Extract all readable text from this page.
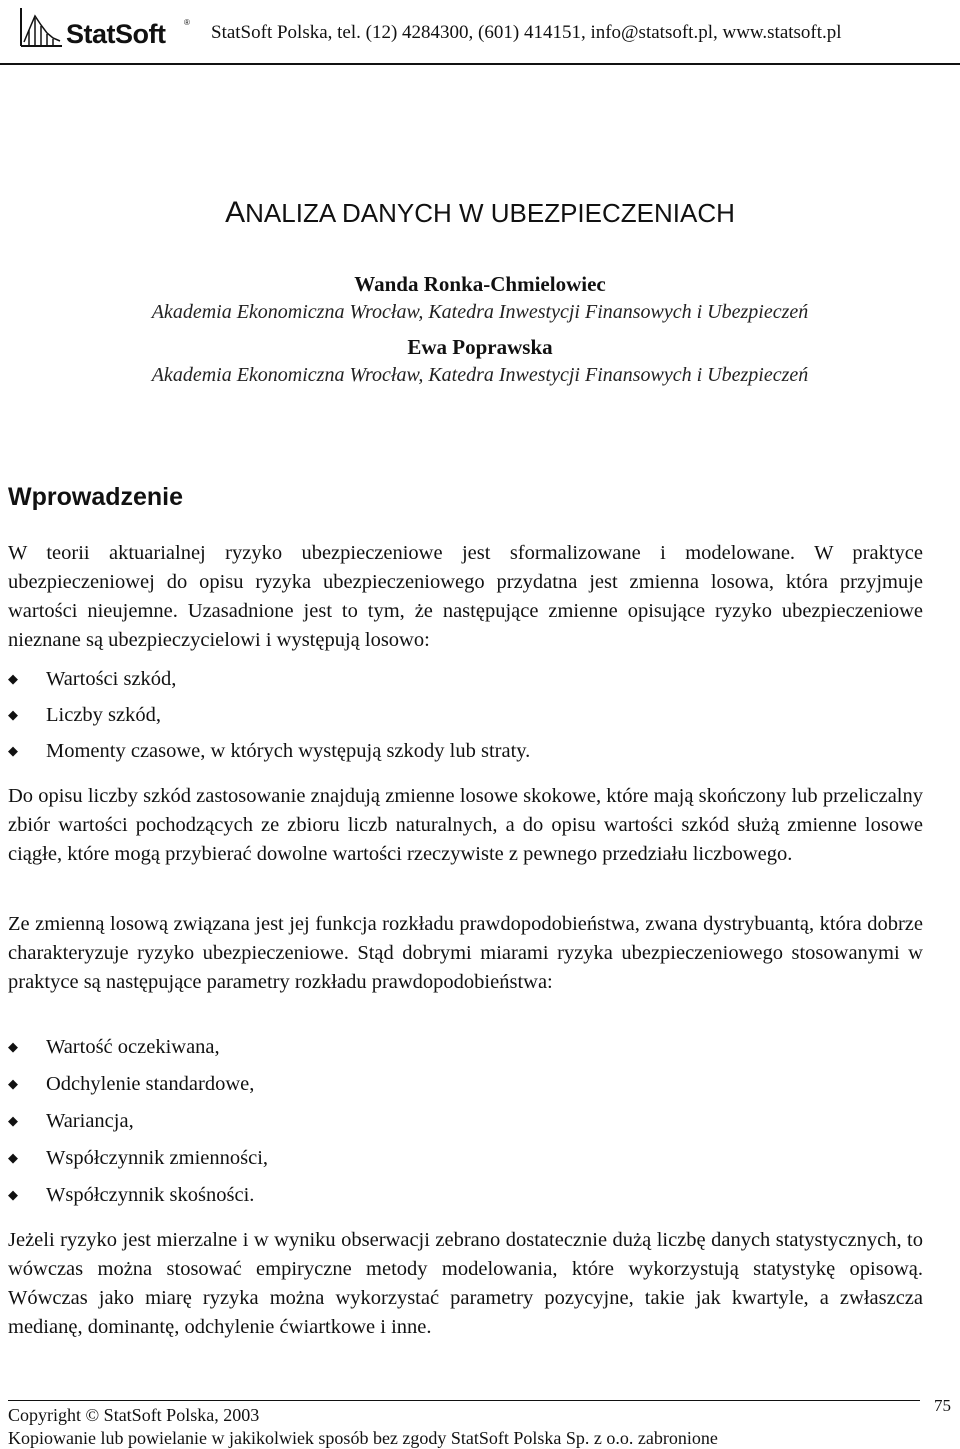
StatSoft ® StatSoft Polska, tel. (12) 4284300, (601) 414151, info@statsoft.pl, www.statsoft.pl
ANALIZA DANYCH W UBEZPIECZENIACH
Wanda Ronka-Chmielowiec
Akademia Ekonomiczna Wrocław, Katedra Inwestycji Finansowych i Ubezpieczeń
Ewa Poprawska
Akademia Ekonomiczna Wrocław, Katedra Inwestycji Finansowych i Ubezpieczeń
Wprowadzenie

W teorii aktuarialnej ryzyko ubezpieczeniowe jest sformalizowane i modelowane. W praktyce ubezpieczeniowej do opisu ryzyka ubezpieczeniowego przydatna jest zmienna losowa, która przyjmuje wartości nieujemne. Uzasadnione jest to tym, że następujące zmienne opisujące ryzyko ubezpieczeniowe nieznane są ubezpieczycielowi i występują losowo:

◆ Wartości szkód,
◆ Liczby szkód,
◆ Momenty czasowe, w których występują szkody lub straty.

Do opisu liczby szkód zastosowanie znajdują zmienne losowe skokowe, które mają skończony lub przeliczalny zbiór wartości pochodzących ze zbioru liczb naturalnych, a do opisu wartości szkód służą zmienne losowe ciągłe, które mogą przybierać dowolne wartości rzeczywiste z pewnego przedziału liczbowego.

Ze zmienną losową związana jest jej funkcja rozkładu prawdopodobieństwa, zwana dystrybuantą, która dobrze charakteryzuje ryzyko ubezpieczeniowe. Stąd dobrymi miarami ryzyka ubezpieczeniowego stosowanymi w praktyce są następujące parametry rozkładu prawdopodobieństwa:

◆ Wartość oczekiwana,
◆ Odchylenie standardowe,
◆ Wariancja,
◆ Współczynnik zmienności,
◆ Współczynnik skośności.

Jeżeli ryzyko jest mierzalne i w wyniku obserwacji zebrano dostatecznie dużą liczbę danych statystycznych, to wówczas można stosować empiryczne metody modelowania, które wykorzystują statystykę opisową. Wówczas jako miarę ryzyka można wykorzystać parametry pozycyjne, takie jak kwartyle, a zwłaszcza medianę, dominantę, odchylenie ćwiartkowe i inne.

Copyright © StatSoft Polska, 2003
Kopiowanie lub powielanie w jakikolwiek sposób bez zgody StatSoft Polska Sp. z o.o. zabronione
75
